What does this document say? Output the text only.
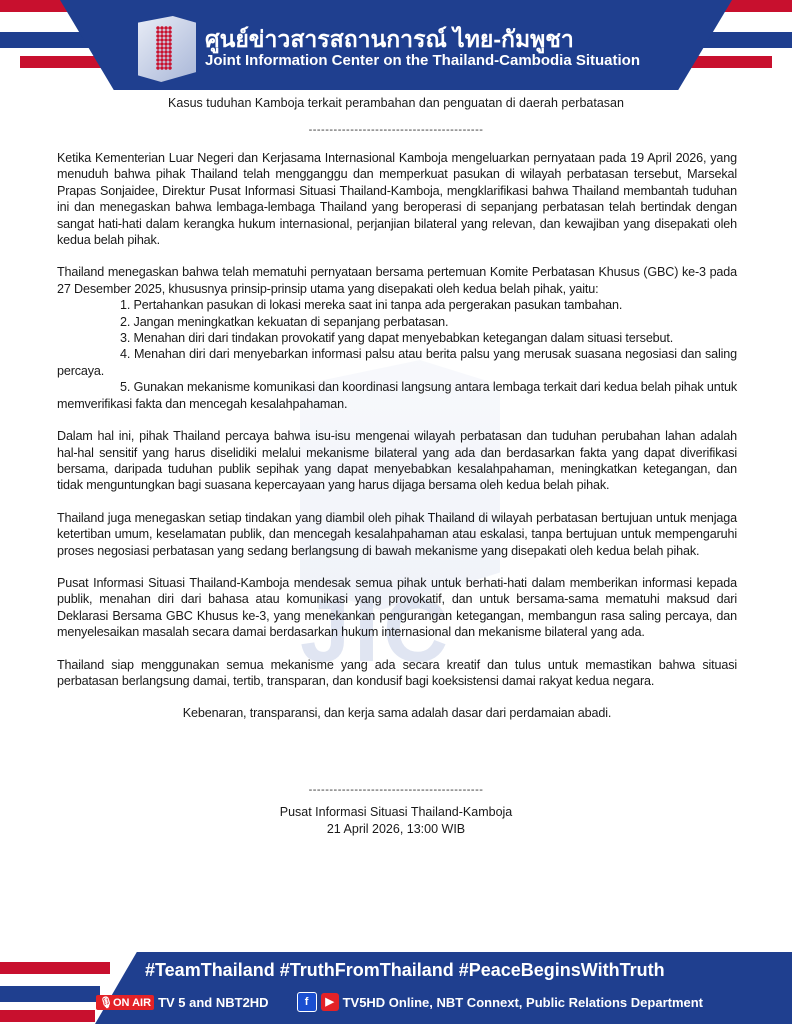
ศูนย์ข่าวสารสถานการณ์ ไทย-กัมพูชา
Joint Information Center on the Thailand-Cambodia Situation
JIC
Kasus tuduhan Kamboja terkait perambahan dan penguatan di daerah perbatasan
------------------------------------------

Ketika Kementerian Luar Negeri dan Kerjasama Internasional Kamboja mengeluarkan pernyataan pada 19 April 2026, yang menuduh bahwa pihak Thailand telah mengganggu dan memperkuat pasukan di wilayah perbatasan tersebut, Marsekal Prapas Sonjaidee, Direktur Pusat Informasi Situasi Thailand-Kamboja, mengklarifikasi bahwa Thailand membantah tuduhan ini dan menegaskan bahwa lembaga-lembaga Thailand yang beroperasi di sepanjang perbatasan telah bertindak dengan sangat hati-hati dalam kerangka hukum internasional, perjanjian bilateral yang relevan, dan kewajiban yang disepakati oleh kedua belah pihak.

Thailand menegaskan bahwa telah mematuhi pernyataan bersama pertemuan Komite Perbatasan Khusus (GBC) ke-3 pada 27 Desember 2025, khususnya prinsip-prinsip utama yang disepakati oleh kedua belah pihak, yaitu:

1. Pertahankan pasukan di lokasi mereka saat ini tanpa ada pergerakan pasukan tambahan.
2. Jangan meningkatkan kekuatan di sepanjang perbatasan.
3. Menahan diri dari tindakan provokatif yang dapat menyebabkan ketegangan dalam situasi tersebut.
4. Menahan diri dari menyebarkan informasi palsu atau berita palsu yang merusak suasana negosiasi dan saling percaya.
5. Gunakan mekanisme komunikasi dan koordinasi langsung antara lembaga terkait dari kedua belah pihak untuk memverifikasi fakta dan mencegah kesalahpahaman.

Dalam hal ini, pihak Thailand percaya bahwa isu-isu mengenai wilayah perbatasan dan tuduhan perubahan lahan adalah hal-hal sensitif yang harus diselidiki melalui mekanisme bilateral yang ada dan berdasarkan fakta yang dapat diverifikasi bersama, daripada tuduhan publik sepihak yang dapat menyebabkan kesalahpahaman, meningkatkan ketegangan, dan tidak menguntungkan bagi suasana kepercayaan yang harus dijaga bersama oleh kedua belah pihak.

Thailand juga menegaskan setiap tindakan yang diambil oleh pihak Thailand di wilayah perbatasan bertujuan untuk menjaga ketertiban umum, keselamatan publik, dan mencegah kesalahpahaman atau eskalasi, tanpa bertujuan untuk mempengaruhi proses negosiasi perbatasan yang sedang berlangsung di bawah mekanisme yang disepakati oleh kedua belah pihak.

Pusat Informasi Situasi Thailand-Kamboja mendesak semua pihak untuk berhati-hati dalam memberikan informasi kepada publik, menahan diri dari bahasa atau komunikasi yang provokatif, dan untuk bersama-sama mematuhi maksud dari Deklarasi Bersama GBC Khusus ke-3, yang menekankan pengurangan ketegangan, membangun rasa saling percaya, dan menyelesaikan masalah secara damai berdasarkan hukum internasional dan mekanisme bilateral yang ada.

Thailand siap menggunakan semua mekanisme yang ada secara kreatif dan tulus untuk memastikan bahwa situasi perbatasan berlangsung damai, tertib, transparan, dan kondusif bagi koeksistensi damai rakyat kedua negara.

Kebenaran, transparansi, dan kerja sama adalah dasar dari perdamaian abadi.

------------------------------------------
Pusat Informasi Situasi Thailand-Kamboja
21 April 2026, 13:00 WIB
#TeamThailand #TruthFromThailand #PeaceBeginsWithTruth
🎙ON AIR TV 5 and NBT2HD	f	▶ TV5HD Online, NBT Connext, Public Relations Department
